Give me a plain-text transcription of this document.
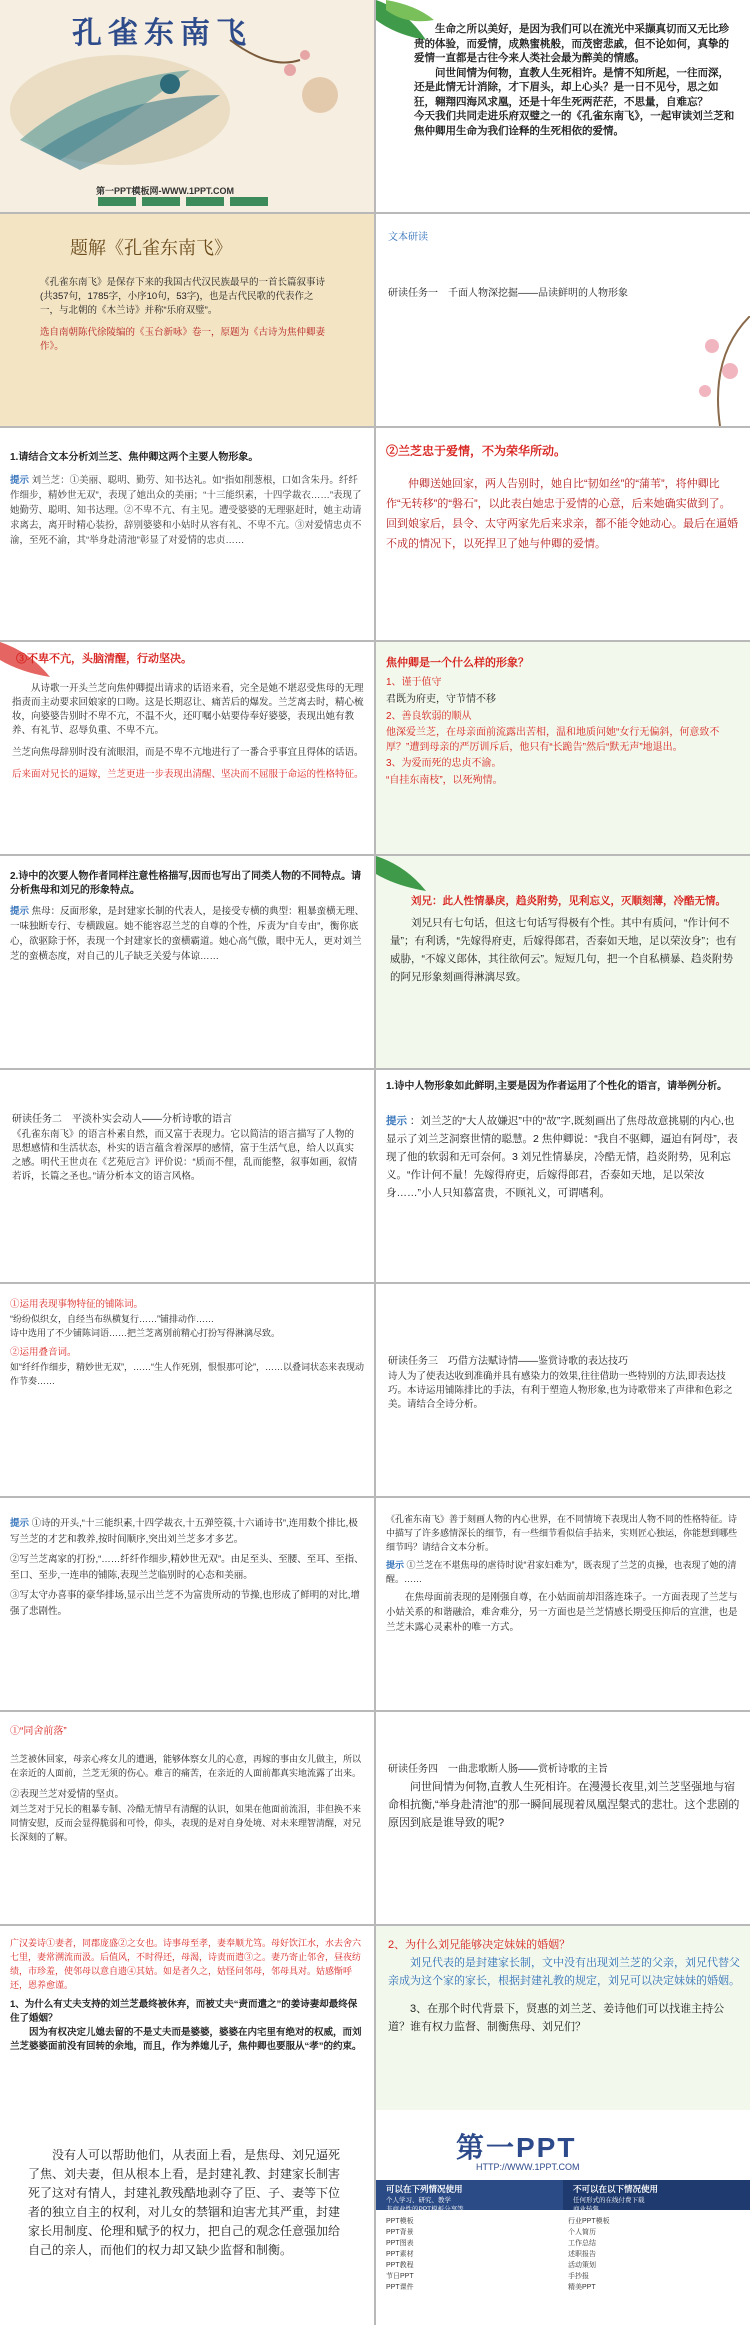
孔雀东南飞
第一PPT模板网-WWW.1PPT.COM

生命之所以美好，是因为我们可以在流光中采撷真切而又无比珍贵的体验，而爱情，成熟蜜桃般，而茂密悲戚，但不论如何，真挚的爱情一直都是古往今来人类社会最为醉美的情感。

问世间情为何物，直教人生死相许。是情不知所起，一往而深，还是此情无计消除，才下眉头，却上心头？是一日不见兮，思之如狂，翱翔四海风求凰，还是十年生死两茫茫，不思量，自难忘？

今天我们共同走进乐府双璧之一的《孔雀东南飞》，一起审读刘兰芝和焦仲卿用生命为我们诠释的生死相依的爱情。

题解《孔雀东南飞》

《孔雀东南飞》是保存下来的我国古代汉民族最早的一首长篇叙事诗(共357句，1785字，小序10句，53字)，也是古代民歌的代表作之一，与北朝的《木兰诗》并称“乐府双璧”。

选自南朝陈代徐陵编的《玉台新咏》卷一，原题为《古诗为焦仲卿妻作》。

文本研读
研读任务一　千面人物深挖掘——品读鲜明的人物形象
1.请结合文本分析刘兰芝、焦仲卿这两个主要人物形象。
提示 刘兰芝：①美丽、聪明、勤劳、知书达礼。如“指如削葱根，口如含朱丹。纤纤作细步，精妙世无双”，表现了她出众的美丽；“十三能织素，十四学裁衣……”表现了她勤劳、聪明、知书达理。②不卑不亢、有主见。遭受婆婆的无理驱赶时，她主动请求离去，离开时精心装扮，辞别婆婆和小姑时从容有礼、不卑不亢。③对爱情忠贞不渝，至死不渝，其“举身赴清池”彰显了对爱情的忠贞……
②兰芝忠于爱情，不为荣华所动。
仲卿送她回家，两人告别时，她自比“韧如丝”的“蒲苇”，将仲卿比作“无转移”的“磐石”，以此表白她忠于爱情的心意，后来她确实做到了。回到娘家后，县令、太守两家先后来求亲，都不能令她动心。最后在逼婚不成的情况下，以死捍卫了她与仲卿的爱情。
③不卑不亢，头脑清醒，行动坚决。

从诗歌一开头兰芝向焦仲卿提出请求的话语来看，完全是她不堪忍受焦母的无理指责而主动要求回娘家的口吻。这是长期忍让、痛苦后的爆发。兰芝离去时，精心梳妆，向婆婆告别时不卑不亢，不温不火，还叮嘱小姑要侍奉好婆婆，表现出她有教养、有礼节、忍辱负重、不卑不亢。

兰芝向焦母辞别时没有流眼泪，而是不卑不亢地进行了一番合乎事宜且得体的话语。

后来面对兄长的逼嫁，兰芝更进一步表现出清醒、坚决而不屈服于命运的性格特征。

焦仲卿是一个什么样的形象？

1、谨于值守

君既为府吏，守节情不移

2、善良软弱的顺从

他深爱兰芝，在母亲面前流露出苦相，温和地质问她“女行无偏斜，何意致不厚？”遭到母亲的严厉训斥后，他只有“长跪告”然后“默无声”地退出。

3、为爱而死的忠贞不渝。

“自挂东南枝”，以死殉情。

2.诗中的次要人物作者同样注意性格描写,因而也写出了同类人物的不同特点。请分析焦母和刘兄的形象特点。
提示 焦母：反面形象，是封建家长制的代表人，是接受专横的典型：粗暴蛮横无理、一味独断专行、专横跋扈。她不能容忍兰芝的自尊的个性，斥责为“自专由”，衡你底心，欲驱除于怀，表现一个封建家长的蛮横霸道。她心高气傲，眼中无人，更对刘兰芝的蛮横态度，对自己的儿子缺乏关爱与体谅……

刘兄：此人性情暴戾，趋炎附势，见利忘义，灭顺刻薄，冷酷无情。

刘兄只有七句话，但这七句话写得极有个性。其中有质问，“作计何不量”；有利诱，“先嫁得府吏，后嫁得郎君，否泰如天地，足以荣汝身”；也有威胁，“不嫁义郎体，其往欲何云”。短短几句，把一个自私横暴、趋炎附势的阿兄形象刻画得淋漓尽致。

研读任务二　平淡朴实会动人——分析诗歌的语言
《孔雀东南飞》的语言朴素自然，而又富于表现力。它以简洁的语言描写了人物的思想感情和生活状态，朴实的语言蕴含着深厚的感情，富于生活气息，给人以真实之感。明代王世贞在《艺苑卮言》评价说：“质而不俚，乱而能整，叙事如画，叙情若诉，长篇之圣也。”请分析本文的语言风格。
1.诗中人物形象如此鲜明,主要是因为作者运用了个性化的语言，请举例分析。
提示 ：刘兰芝的“大人故嫌迟”中的“故”字,既刻画出了焦母故意挑剔的内心,也显示了刘兰芝洞察世情的聪慧。2 焦仲卿说：“我自不驱卿，逼迫有阿母”，表现了他的软弱和无可奈何。3 刘兄性情暴戾，冷酷无情，趋炎附势，见利忘义。“作计何不量！先嫁得府吏，后嫁得郎君，否泰如天地，足以荣汝身……”小人只知慕富贵，不顾礼义，可谓嗜利。

①运用表现事物特征的铺陈词。

“纷纷似织女，自经当布纵横复行……”铺排动作……

诗中选用了不少铺陈词语……把兰芝离别前精心打扮写得淋漓尽致。

②运用叠音词。

如“纤纤作细步，精妙世无双”，……“生人作死别，恨恨那可论”，……以叠词状态来表现动作节奏……

研读任务三　巧借方法赋诗情——鉴赏诗歌的表达技巧
诗人为了使表达收到准确并具有感染力的效果,往往借助一些特别的方法,即表达技巧。本诗运用铺陈排比的手法，有利于塑造人物形象,也为诗歌带来了声律和色彩之美。请结合全诗分析。
提示 ①诗的开头,“十三能织素,十四学裁衣,十五弹箜篌,十六诵诗书”,连用数个排比,极写兰芝的才艺和教养,按时间顺序,突出刘兰芝多才多艺。

②写兰芝离家的打扮,“……纤纤作细步,精妙世无双”。由足至头、至腰、至耳、至指、至口、至步,一连串的铺陈,表现兰芝临别时的心态和美丽。

③写太守办喜事的豪华排场,显示出兰芝不为富贵所动的节操,也形成了鲜明的对比,增强了悲剧性。

《孔雀东南飞》善于刻画人物的内心世界，在不同情境下表现出人物不同的性格特征。诗中描写了许多感情深长的细节，有一些细节看似信手拈来，实则匠心独运，你能想到哪些细节吗？请结合文本分析。

提示 ①兰芝在不堪焦母的虐待时说“君家妇难为”，既表现了兰芝的贞操，也表现了她的清醒。……

在焦母面前表现的是刚强自尊，在小姑面前却泪落连珠子。一方面表现了兰芝与小姑关系的和谐融洽，难舍难分，另一方面也是兰芝情感长期受压抑后的宣泄，也是兰芝未露心灵素朴的唯一方式。

①“同舍前落”

兰芝被休回家，母亲心疼女儿的遭遇，能够体察女儿的心意，再嫁的事由女儿做主，所以在亲近的人面前，兰芝无须的伤心。难言的痛苦，在亲近的人面前都真实地流露了出来。

②表现兰芝对爱情的坚贞。

刘兰芝对于兄长的粗暴专制、冷酷无情早有清醒的认识，如果在他面前流泪，非但换不来同情安慰，反而会显得脆弱和可怜，仰头，表现的是对自身处境、对未来理智清醒，对兄长深刻的了解。

研读任务四　一曲悲歌断人肠——赏析诗歌的主旨
问世间情为何物,直教人生死相许。在漫漫长夜里,刘兰芝坚强地与宿命相抗衡,“举身赴清池”的那一瞬间展现着凤凰涅槃式的悲壮。这个悲剧的原因到底是谁导致的呢?

广汉姜诗①妻者，同郡庞盛②之女也。诗事母至孝，妻奉顺尤笃。母好饮江水，水去舍六七里，妻常溯流而汲。后值风，不时得还，母渴，诗责而遣③之。妻乃寄止邻舍，昼夜纺绩，市珍羞，使邻母以意自遗④其姑。如是者久之，姑怪问邻母，邻母具对。姑感惭呼还，恩养愈谨。

1、为什么有丈夫支持的刘兰芝最终被休弃，而被丈夫“责而遣之”的姜诗妻却最终保住了婚姻？

因为有权决定儿媳去留的不是丈夫而是婆婆，婆婆在内宅里有绝对的权威，而刘兰芝婆婆面前没有回转的余地，而且，作为养媳儿子，焦仲卿也要服从“孝”的约束。

2、为什么刘兄能够决定妹妹的婚姻？

刘兄代表的是封建家长制，文中没有出现刘兰芝的父亲，刘兄代替父亲成为这个家的家长，根据封建礼教的规定，刘兄可以决定妹妹的婚姻。

3、在那个时代背景下，贤惠的刘兰芝、姜诗他们可以找谁主持公道？谁有权力监督、制衡焦母、刘兄们？

没有人可以帮助他们，从表面上看，是焦母、刘兄逼死了焦、刘夫妻，但从根本上看，是封建礼教、封建家长制害死了这对有情人，封建礼教残酷地剥夺了臣、子、妻等下位者的独立自主的权利，对儿女的禁锢和迫害尤其严重，封建家长用制度、伦理和赋予的权力，把自己的观念任意强加给自己的亲人，而他们的权力却又缺少监督和制衡。
第一PPT
HTTP://WWW.1PPT.COM
可以在下列情况使用
个人学习、研究、教学
非商业性的PPT模板分享等
不可以在以下情况使用
任何形式的在线付费下载
商业转售
PPT模板
PPT背景
PPT图表
PPT素材
PPT教程
节日PPT
PPT课件
行业PPT模板
个人简历
工作总结
述职报告
活动策划
手抄报
精美PPT
